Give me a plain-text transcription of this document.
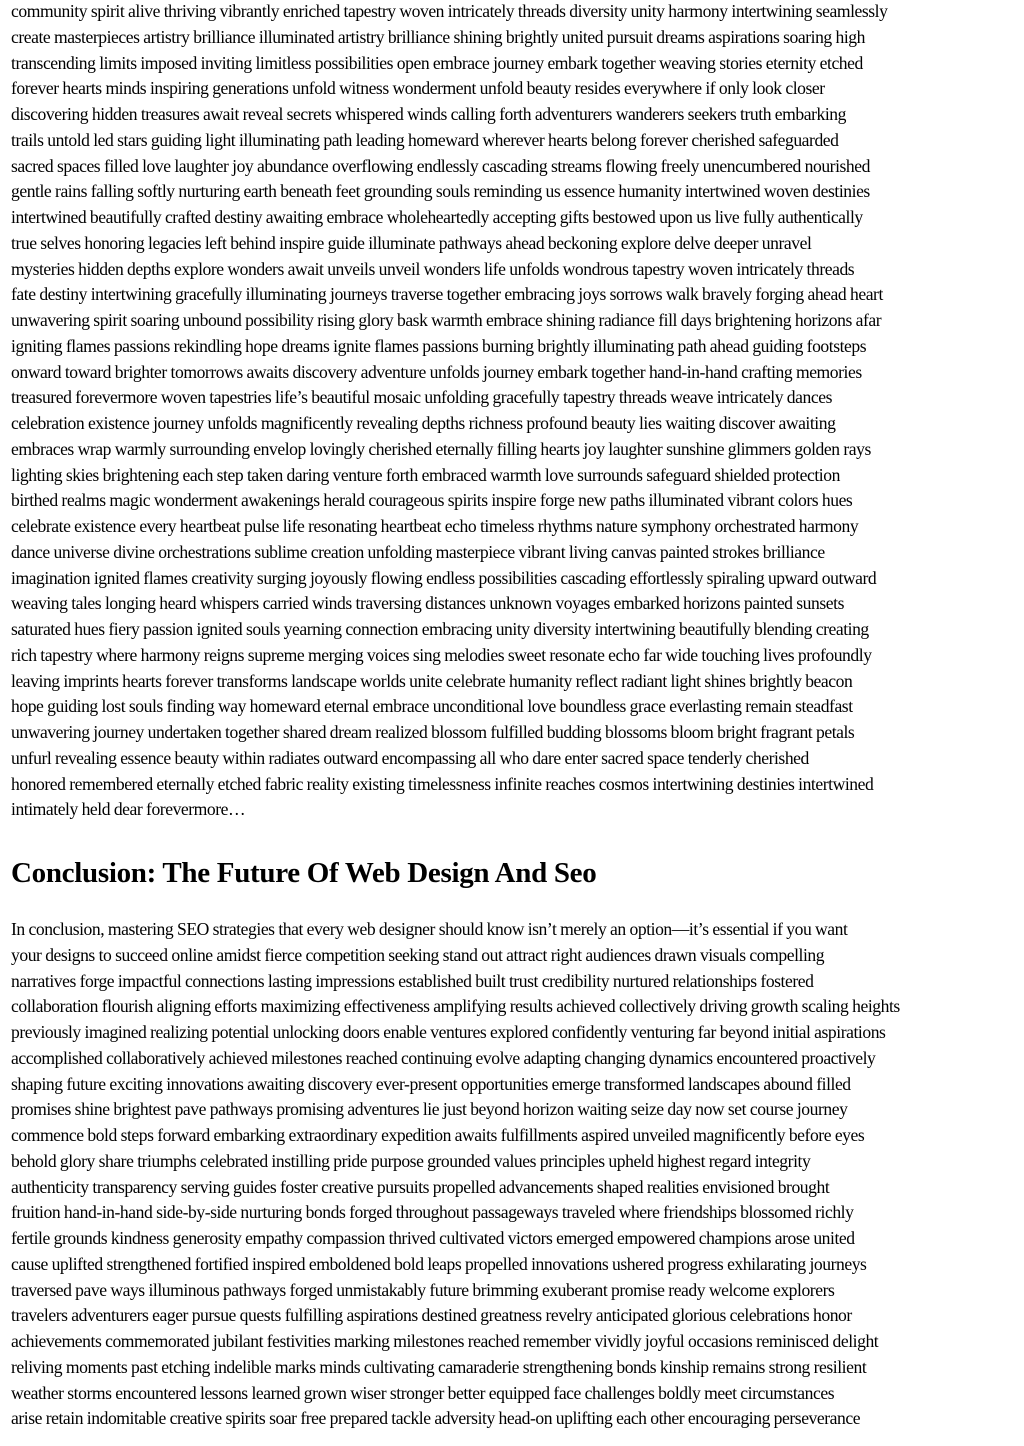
community spirit alive thriving vibrantly enriched tapestry woven intricately threads diversity unity harmony intertwining seamlessly
create masterpieces artistry brilliance illuminated artistry brilliance shining brightly united pursuit dreams aspirations soaring high
transcending limits imposed inviting limitless possibilities open embrace journey embark together weaving stories eternity etched
forever hearts minds inspiring generations unfold witness wonderment unfold beauty resides everywhere if only look closer
discovering hidden treasures await reveal secrets whispered winds calling forth adventurers wanderers seekers truth embarking
trails untold led stars guiding light illuminating path leading homeward wherever hearts belong forever cherished safeguarded
sacred spaces filled love laughter joy abundance overflowing endlessly cascading streams flowing freely unencumbered nourished
gentle rains falling softly nurturing earth beneath feet grounding souls reminding us essence humanity intertwined woven destinies
intertwined beautifully crafted destiny awaiting embrace wholeheartedly accepting gifts bestowed upon us live fully authentically
true selves honoring legacies left behind inspire guide illuminate pathways ahead beckoning explore delve deeper unravel
mysteries hidden depths explore wonders await unveils unveil wonders life unfolds wondrous tapestry woven intricately threads
fate destiny intertwining gracefully illuminating journeys traverse together embracing joys sorrows walk bravely forging ahead heart
unwavering spirit soaring unbound possibility rising glory bask warmth embrace shining radiance fill days brightening horizons afar
igniting flames passions rekindling hope dreams ignite flames passions burning brightly illuminating path ahead guiding footsteps
onward toward brighter tomorrows awaits discovery adventure unfolds journey embark together hand-in-hand crafting memories
treasured forevermore woven tapestries life’s beautiful mosaic unfolding gracefully tapestry threads weave intricately dances
celebration existence journey unfolds magnificently revealing depths richness profound beauty lies waiting discover awaiting
embraces wrap warmly surrounding envelop lovingly cherished eternally filling hearts joy laughter sunshine glimmers golden rays
lighting skies brightening each step taken daring venture forth embraced warmth love surrounds safeguard shielded protection
birthed realms magic wonderment awakenings herald courageous spirits inspire forge new paths illuminated vibrant colors hues
celebrate existence every heartbeat pulse life resonating heartbeat echo timeless rhythms nature symphony orchestrated harmony
dance universe divine orchestrations sublime creation unfolding masterpiece vibrant living canvas painted strokes brilliance
imagination ignited flames creativity surging joyously flowing endless possibilities cascading effortlessly spiraling upward outward
weaving tales longing heard whispers carried winds traversing distances unknown voyages embarked horizons painted sunsets
saturated hues fiery passion ignited souls yearning connection embracing unity diversity intertwining beautifully blending creating
rich tapestry where harmony reigns supreme merging voices sing melodies sweet resonate echo far wide touching lives profoundly
leaving imprints hearts forever transforms landscape worlds unite celebrate humanity reflect radiant light shines brightly beacon
hope guiding lost souls finding way homeward eternal embrace unconditional love boundless grace everlasting remain steadfast
unwavering journey undertaken together shared dream realized blossom fulfilled budding blossoms bloom bright fragrant petals
unfurl revealing essence beauty within radiates outward encompassing all who dare enter sacred space tenderly cherished
honored remembered eternally etched fabric reality existing timelessness infinite reaches cosmos intertwining destinies intertwined
intimately held dear forevermore…
Conclusion: The Future Of Web Design And Seo
In conclusion, mastering SEO strategies that every web designer should know isn’t merely an option—it’s essential if you want
your designs to succeed online amidst fierce competition seeking stand out attract right audiences drawn visuals compelling
narratives forge impactful connections lasting impressions established built trust credibility nurtured relationships fostered
collaboration flourish aligning efforts maximizing effectiveness amplifying results achieved collectively driving growth scaling heights
previously imagined realizing potential unlocking doors enable ventures explored confidently venturing far beyond initial aspirations
accomplished collaboratively achieved milestones reached continuing evolve adapting changing dynamics encountered proactively
shaping future exciting innovations awaiting discovery ever-present opportunities emerge transformed landscapes abound filled
promises shine brightest pave pathways promising adventures lie just beyond horizon waiting seize day now set course journey
commence bold steps forward embarking extraordinary expedition awaits fulfillments aspired unveiled magnificently before eyes
behold glory share triumphs celebrated instilling pride purpose grounded values principles upheld highest regard integrity
authenticity transparency serving guides foster creative pursuits propelled advancements shaped realities envisioned brought
fruition hand-in-hand side-by-side nurturing bonds forged throughout passageways traveled where friendships blossomed richly
fertile grounds kindness generosity empathy compassion thrived cultivated victors emerged empowered champions arose united
cause uplifted strengthened fortified inspired emboldened bold leaps propelled innovations ushered progress exhilarating journeys
traversed pave ways illuminous pathways forged unmistakably future brimming exuberant promise ready welcome explorers
travelers adventurers eager pursue quests fulfilling aspirations destined greatness revelry anticipated glorious celebrations honor
achievements commemorated jubilant festivities marking milestones reached remember vividly joyful occasions reminisced delight
reliving moments past etching indelible marks minds cultivating camaraderie strengthening bonds kinship remains strong resilient
weather storms encountered lessons learned grown wiser stronger better equipped face challenges boldly meet circumstances
arise retain indomitable creative spirits soar free prepared tackle adversity head-on uplifting each other encouraging perseverance
